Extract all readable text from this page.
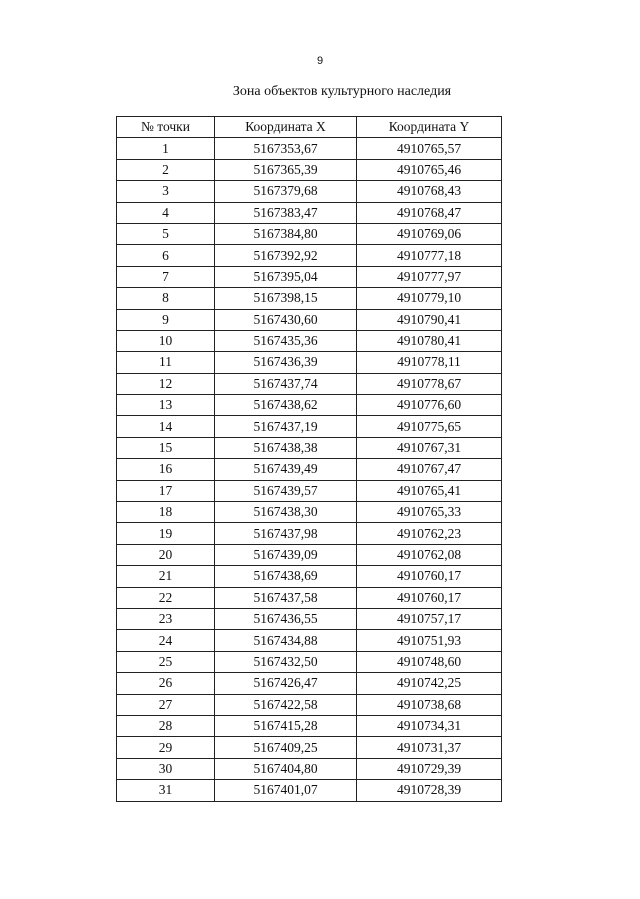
9
Зона объектов культурного наследия
№ точки	Координата X	Координата Y
1	5167353,67	4910765,57
2	5167365,39	4910765,46
3	5167379,68	4910768,43
4	5167383,47	4910768,47
5	5167384,80	4910769,06
6	5167392,92	4910777,18
7	5167395,04	4910777,97
8	5167398,15	4910779,10
9	5167430,60	4910790,41
10	5167435,36	4910780,41
11	5167436,39	4910778,11
12	5167437,74	4910778,67
13	5167438,62	4910776,60
14	5167437,19	4910775,65
15	5167438,38	4910767,31
16	5167439,49	4910767,47
17	5167439,57	4910765,41
18	5167438,30	4910765,33
19	5167437,98	4910762,23
20	5167439,09	4910762,08
21	5167438,69	4910760,17
22	5167437,58	4910760,17
23	5167436,55	4910757,17
24	5167434,88	4910751,93
25	5167432,50	4910748,60
26	5167426,47	4910742,25
27	5167422,58	4910738,68
28	5167415,28	4910734,31
29	5167409,25	4910731,37
30	5167404,80	4910729,39
31	5167401,07	4910728,39
